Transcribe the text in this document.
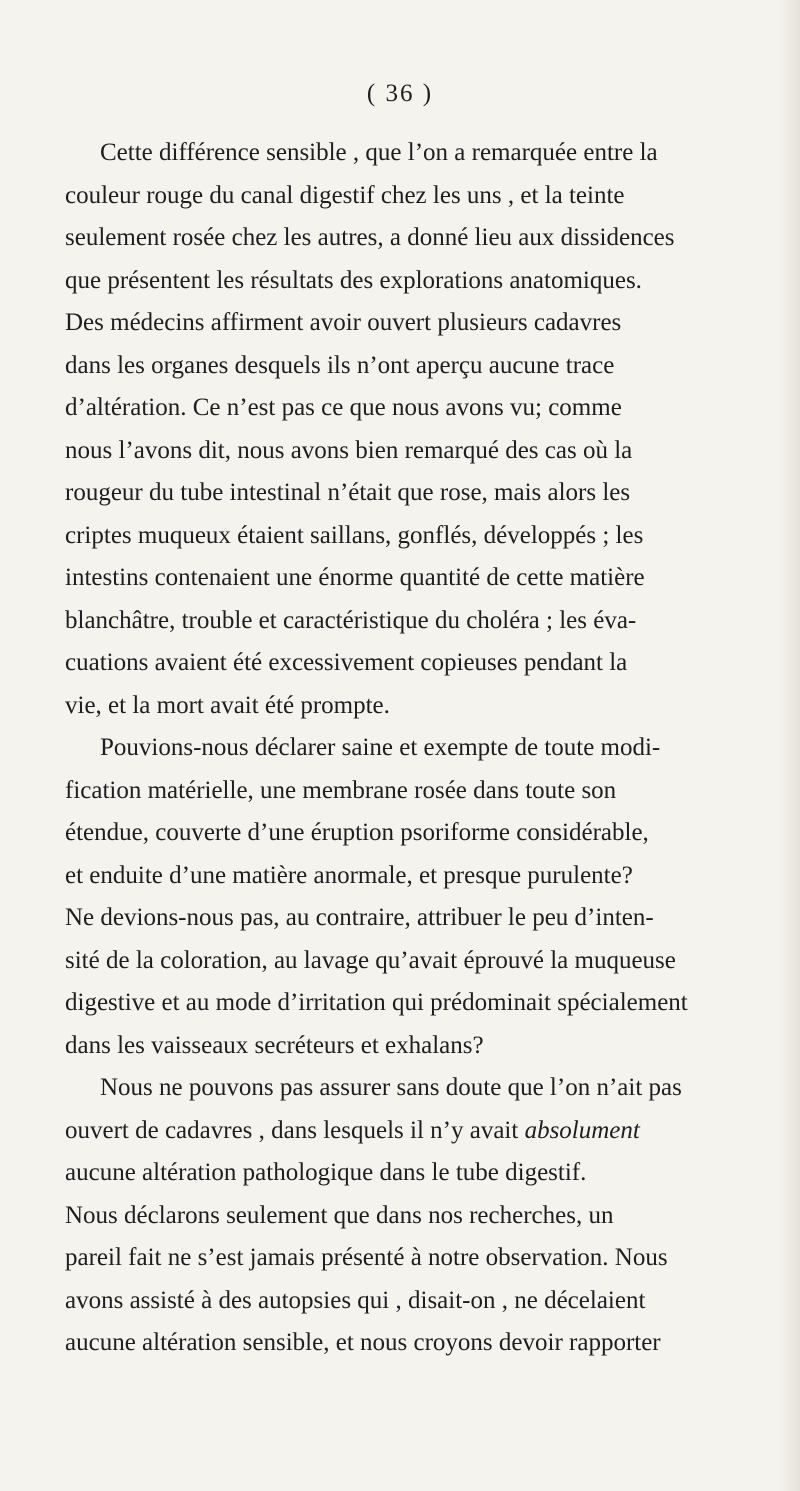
( 36 )
Cette différence sensible , que l’on a remarquée entre la
couleur rouge du canal digestif chez les uns , et la teinte
seulement rosée chez les autres, a donné lieu aux dissidences
que présentent les résultats des explorations anatomiques.
Des médecins affirment avoir ouvert plusieurs cadavres
dans les organes desquels ils n’ont aperçu aucune trace
d’altération. Ce n’est pas ce que nous avons vu; comme
nous l’avons dit, nous avons bien remarqué des cas où la
rougeur du tube intestinal n’était que rose, mais alors les
criptes muqueux étaient saillans, gonflés, développés ; les
intestins contenaient une énorme quantité de cette matière
blanchâtre, trouble et caractéristique du choléra ; les éva-
cuations avaient été excessivement copieuses pendant la
vie, et la mort avait été prompte.
Pouvions-nous déclarer saine et exempte de toute modi-
fication matérielle, une membrane rosée dans toute son
étendue, couverte d’une éruption psoriforme considérable,
et enduite d’une matière anormale, et presque purulente?
Ne devions-nous pas, au contraire, attribuer le peu d’inten-
sité de la coloration, au lavage qu’avait éprouvé la muqueuse
digestive et au mode d’irritation qui prédominait spécialement
dans les vaisseaux secréteurs et exhalans?
Nous ne pouvons pas assurer sans doute que l’on n’ait pas
ouvert de cadavres , dans lesquels il n’y avait absolument
aucune altération pathologique dans le tube digestif.
Nous déclarons seulement que dans nos recherches, un
pareil fait ne s’est jamais présenté à notre observation. Nous
avons assisté à des autopsies qui , disait-on , ne décelaient
aucune altération sensible, et nous croyons devoir rapporter
